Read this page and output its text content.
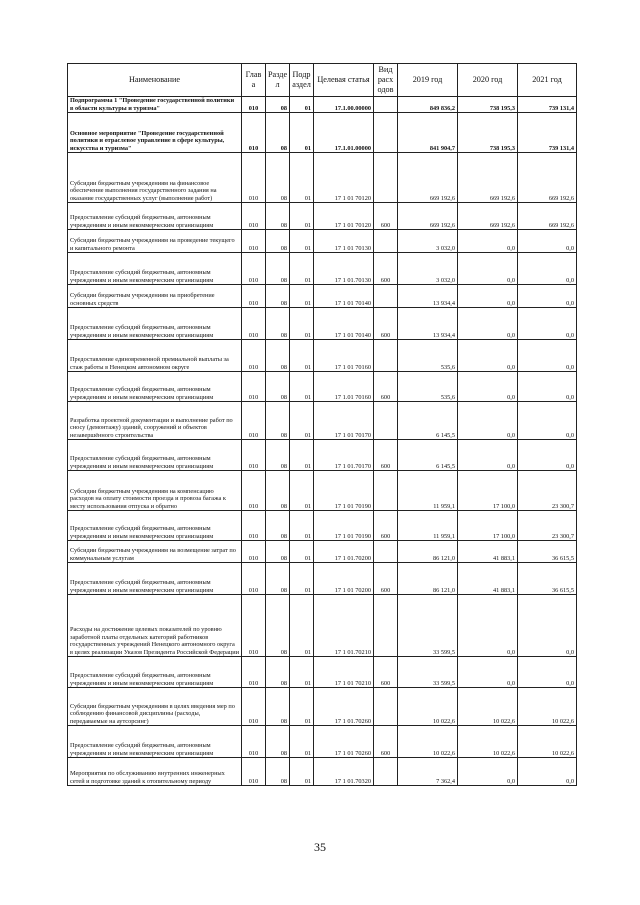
Наименование	Глав а	Разде л	Подр аздел	Целевая статья	Вид расх одов	2019 год	2020 год	2021 год
Подпрограмма 1 "Проведение государственной политики в области культуры и туризма"	010	08	01	17.1.00.00000		849 836,2	738 195,3	739 131,4
Основное мероприятие "Проведение государственной политики и отраслевое управление в сфере культуры, искусства и туризма"	010	08	01	17.1.01.00000		841 904,7	738 195,3	739 131,4
Субсидии бюджетным учреждениям на финансовое обеспечение выполнения государственного задания на оказание государственных услуг (выполнение работ)	010	08	01	17 1 01 70120		669 192,6	669 192,6	669 192,6
Предоставление субсидий бюджетным, автономным учреждениям и иным некоммерческим организациям	010	08	01	17 1 01 70120	600	669 192,6	669 192,6	669 192,6
Субсидии бюджетным учреждениям на проведение текущего и капитального ремонта	010	08	01	17 1 01 70130		3 032,0	0,0	0,0
Предоставление субсидий бюджетным, автономным учреждениям и иным некоммерческим организациям	010	08	01	17 1 01.70130	600	3 032,0	0,0	0,0
Субсидии бюджетным учреждениям на приобретение основных средств	010	08	01	17 1 01 70140		13 934,4	0,0	0,0
Предоставление субсидий бюджетным, автономным учреждениям и иным некоммерческим организациям	010	08	01	17 1 01 70140	600	13 934,4	0,0	0,0
Предоставление единовременной премиальной выплаты за стаж работы в Ненецком автономном округе	010	08	01	17 1 01 70160		535,6	0,0	0,0
Предоставление субсидий бюджетным, автономным учреждениям и иным некоммерческим организациям	010	08	01	17 1.01 70160	600	535,6	0,0	0,0
Разработка проектной документации и выполнение работ по сносу (демонтажу) зданий, сооружений и объектов незавершённого строительства	010	08	01	17 1 01 70170		6 145,5	0,0	0,0
Предоставление субсидий бюджетным, автономным учреждениям и иным некоммерческим организациям	010	08	01	17 1 01.70170	600	6 145,5	0,0	0,0
Субсидии бюджетным учреждениям на компенсацию расходов на оплату стоимости проезда и провоза багажа к месту использования отпуска и обратно	010	08	01	17 1 01 70190		11 959,1	17 100,0	23 300,7
Предоставление субсидий бюджетным, автономным учреждениям и иным некоммерческим организациям	010	08	01	17 1 01 70190	600	11 959,1	17 100,0	23 300,7
Субсидии бюджетным учреждениям на возмещение затрат по коммунальным услугам	010	08	01	17 1 01.70200		86 121,0	41 883,1	36 615,5
Предоставление субсидий бюджетным, автономным учреждениям и иным некоммерческим организациям	010	08	01	17 1 01 70200	600	86 121,0	41 883,1	36 615,5
Расходы на достижение целевых показателей по уровню заработной платы отдельных категорий работников государственных учреждений Ненецкого автономного округа в целях реализации Указов Президента Российской Федерации	010	08	01	17 1 01.70210		33 599,5	0,0	0,0
Предоставление субсидий бюджетным, автономным учреждениям и иным некоммерческим организациям	010	08	01	17 1 01 70210	600	33 599,5	0,0	0,0
Субсидии бюджетным учреждениям в целях введения мер по соблюдению финансовой дисциплины (расходы, передаваемые на аутсорсинг)	010	08	01	17 1 01.70260		10 022,6	10 022,6	10 022,6
Предоставление субсидий бюджетным, автономным учреждениям и иным некоммерческим организациям	010	08	01	17 1 01 70260	600	10 022,6	10 022,6	10 022,6
Мероприятия по обслуживанию внутренних инженерных сетей и подготовке зданий к отопительному периоду	010	08	01	17 1 01.70320		7 362,4	0,0	0,0
35
